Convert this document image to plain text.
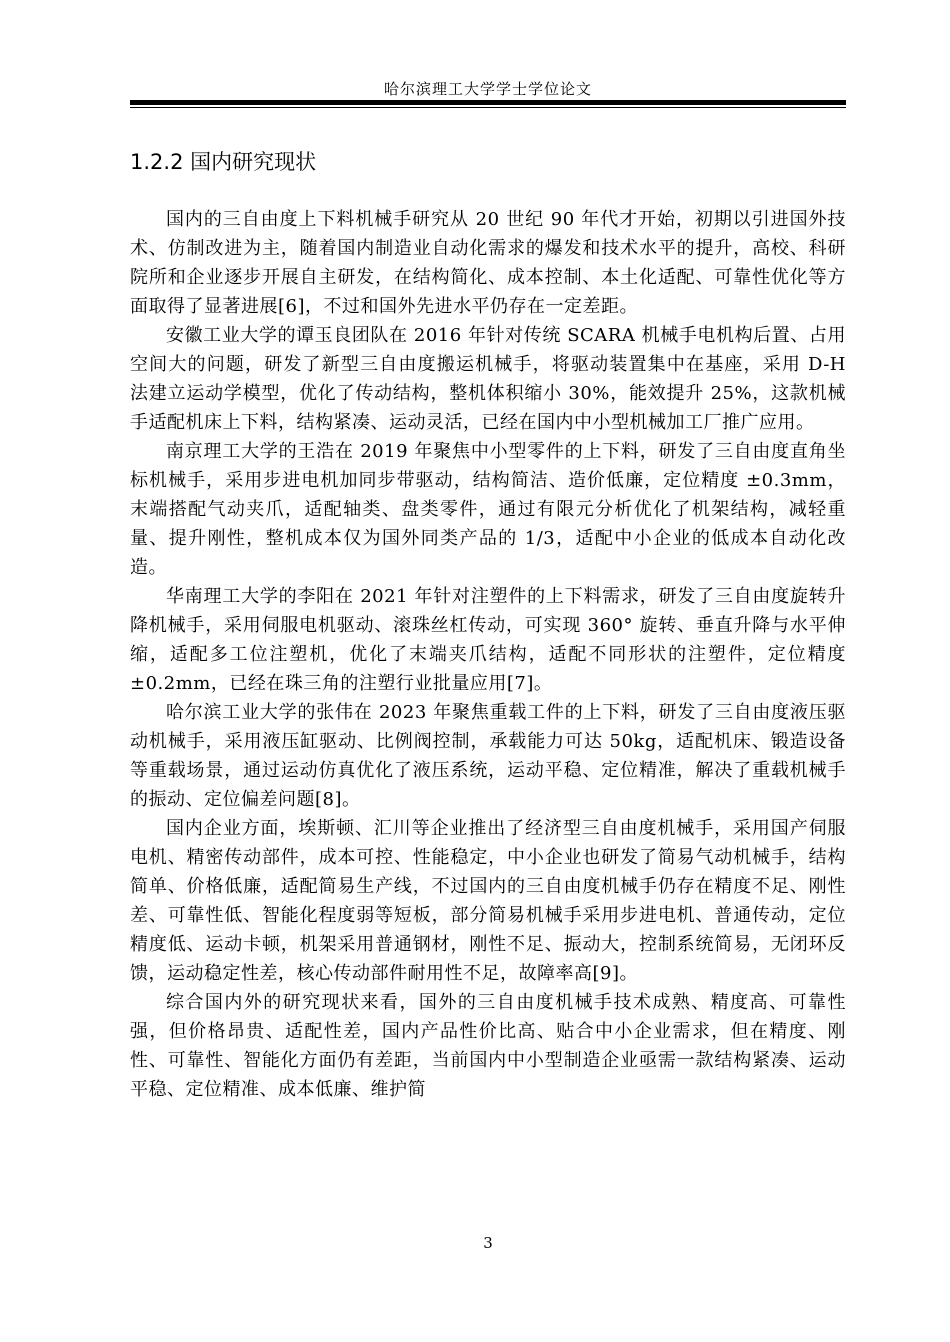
哈尔滨理工大学学士学位论文
1.2.2 国内研究现状

国内的三自由度上下料机械手研究从 20 世纪 90 年代才开始，初期以引进国外技术、仿制改进为主，随着国内制造业自动化需求的爆发和技术水平的提升，高校、科研院所和企业逐步开展自主研发，在结构简化、成本控制、本土化适配、可靠性优化等方面取得了显著进展[6]，不过和国外先进水平仍存在一定差距。

安徽工业大学的谭玉良团队在 2016 年针对传统 SCARA 机械手电机构后置、占用空间大的问题，研发了新型三自由度搬运机械手，将驱动装置集中在基座，采用 D-H 法建立运动学模型，优化了传动结构，整机体积缩小 30%，能效提升 25%，这款机械手适配机床上下料，结构紧凑、运动灵活，已经在国内中小型机械加工厂推广应用。

南京理工大学的王浩在 2019 年聚焦中小型零件的上下料，研发了三自由度直角坐标机械手，采用步进电机加同步带驱动，结构简洁、造价低廉，定位精度 ±0.3mm，末端搭配气动夹爪，适配轴类、盘类零件，通过有限元分析优化了机架结构，减轻重量、提升刚性，整机成本仅为国外同类产品的 1/3，适配中小企业的低成本自动化改造。

华南理工大学的李阳在 2021 年针对注塑件的上下料需求，研发了三自由度旋转升降机械手，采用伺服电机驱动、滚珠丝杠传动，可实现 360° 旋转、垂直升降与水平伸缩，适配多工位注塑机，优化了末端夹爪结构，适配不同形状的注塑件，定位精度 ±0.2mm，已经在珠三角的注塑行业批量应用[7]。

哈尔滨工业大学的张伟在 2023 年聚焦重载工件的上下料，研发了三自由度液压驱动机械手，采用液压缸驱动、比例阀控制，承载能力可达 50kg，适配机床、锻造设备等重载场景，通过运动仿真优化了液压系统，运动平稳、定位精准，解决了重载机械手的振动、定位偏差问题[8]。

国内企业方面，埃斯顿、汇川等企业推出了经济型三自由度机械手，采用国产伺服电机、精密传动部件，成本可控、性能稳定，中小企业也研发了简易气动机械手，结构简单、价格低廉，适配简易生产线，不过国内的三自由度机械手仍存在精度不足、刚性差、可靠性低、智能化程度弱等短板，部分简易机械手采用步进电机、普通传动，定位精度低、运动卡顿，机架采用普通钢材，刚性不足、振动大，控制系统简易，无闭环反馈，运动稳定性差，核心传动部件耐用性不足，故障率高[9]。

综合国内外的研究现状来看，国外的三自由度机械手技术成熟、精度高、可靠性强，但价格昂贵、适配性差，国内产品性价比高、贴合中小企业需求，但在精度、刚性、可靠性、智能化方面仍有差距，当前国内中小型制造企业亟需一款结构紧凑、运动平稳、定位精准、成本低廉、维护简

3
